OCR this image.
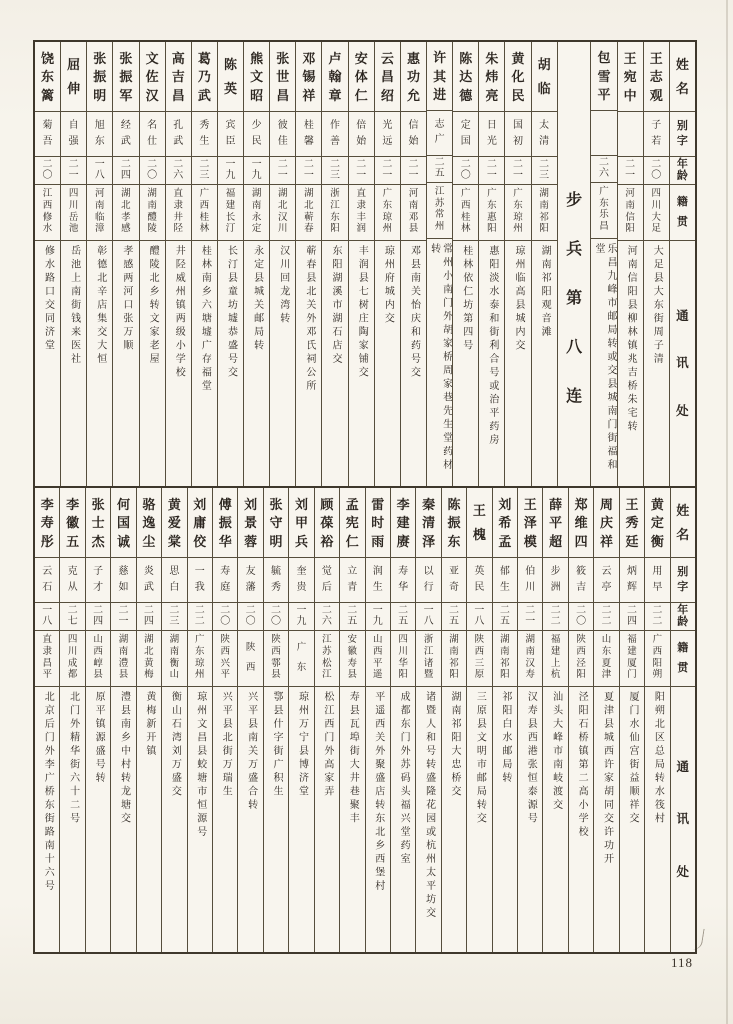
姓
名
别
字
年
龄
籍
贯
通
讯
处
王
志
观
子
若
二
〇
四
川
大
足
大足县大东街周子清
王
宛
中
二
一
河
南
信
阳
河南信阳县柳林镇兆吉桥朱宅转
包
雪
平
二
六
广
东
乐
昌
乐昌九峰市邮局转或交县城南门街福和堂
步
兵
第
八
连
胡
临
太
清
二
三
湖
南
祁
阳
湖南祁阳观音滩
黄
化
民
国
初
二
一
广
东
琼
州
琼州临高县城内交
朱
炜
亮
日
光
二
一
广
东
惠
阳
惠阳淡水泰和街利合号或治平药房
陈
达
德
定
国
二
〇
广
西
桂
林
桂林依仁坊第四号
许
其
进
志
广
二
五
江
苏
常
州
常州小南门外胡家桥周家巷先生堂药材转
惠
功
允
信
始
二
一
河
南
邓
县
邓县南关怡庆和药号交
云
昌
绍
光
远
二
一
广
东
琼
州
琼州府城内交
安
体
仁
倍
始
二
一
直
隶
丰
润
丰润县七树庄陶家铺交
卢
翰
章
作
善
二
三
浙
江
东
阳
东阳湖溪市湖石店交
邓
锡
祥
桂
馨
二
一
湖
北
蕲
春
蕲春县北关外邓氏祠公所
张
世
昌
彼
佳
二
一
湖
北
汉
川
汉川回龙湾转
熊
文
昭
少
民
一
九
湖
南
永
定
永定县城关邮局转
陈
英
宾
臣
一
九
福
建
长
汀
长汀县童坊墟恭盛号交
葛
乃
武
秀
生
二
三
广
西
桂
林
桂林南乡六塘墟广存福堂
高
吉
昌
孔
武
二
六
直
隶
井
陉
井陉威州镇两级小学校
文
佐
汉
名
仕
二
〇
湖
南
醴
陵
醴陵北乡转文家老屋
张
振
军
经
武
二
四
湖
北
孝
感
孝感两河口张万顺
张
振
明
旭
东
一
八
河
南
临
漳
彰德北辛店集交大恒
屈
伸
自
强
二
一
四
川
岳
池
岳池上南街钱来医社
饶
东
篱
菊
吾
二
〇
江
西
修
水
修水路口交同济堂
姓
名
别
字
年
龄
籍
贯
通
讯
处
黄
定
衡
用
早
二
二
广
西
阳
朔
阳朔北区总局转水筏村
王
秀
廷
炳
辉
二
四
福
建
厦
门
厦门水仙宫街益顺祥交
周
庆
祥
云
亭
二
二
山
东
夏
津
夏津县城西许家胡同交许功开
郑
维
四
筱
吉
二
〇
陕
西
泾
阳
泾阳石桥镇第二高小学校
薛
平
超
步
洲
二
二
福
建
上
杭
汕头大峰市南岐渡交
王
泽
模
伯
川
二
一
湖
南
汉
寿
汉寿县西港张恒泰源号
刘
希
孟
郁
生
二
五
湖
南
祁
阳
祁阳白水邮局转
王
槐
英
民
一
八
陕
西
三
原
三原县文明市邮局转交
陈
振
东
亚
奇
二
五
湖
南
祁
阳
湖南祁阳大忠桥交
秦
清
泽
以
行
一
八
浙
江
诸
暨
诸暨人和号转盛隆花园或杭州太平坊交
李
建
赓
寿
华
二
五
四
川
华
阳
成都东门外苏码头福兴堂药室
雷
时
雨
润
生
一
九
山
西
平
遥
平遥西关外聚盛店转东北乡西堡村
孟
宪
仁
立
青
二
五
安
徽
寿
县
寿县瓦埠街大井巷聚丰
顾
葆
裕
觉
后
二
六
江
苏
松
江
松江西门外高家弄
刘
甲
兵
奎
贵
一
九
广
东
琼州万宁县博济堂
张
守
明
毓
秀
二
〇
陕
西
鄠
县
鄠县什字街广积生
刘
景
蓉
友
藩
二
〇
陕
西
兴平县南关万盛合转
傅
振
华
寿
庭
二
〇
陕
西
兴
平
兴平县北街万瑞生
刘
庸
佼
一
我
二
二
广
东
琼
州
琼州文昌县蛟塘市恒源号
黄
爱
棠
思
白
二
三
湖
南
衡
山
衡山石湾刘万盛交
骆
逸
尘
炎
武
二
四
湖
北
黄
梅
黄梅新开镇
何
国
诚
慈
如
二
一
湖
南
澧
县
澧县南乡中村转龙塘交
张
士
杰
子
才
二
四
山
西
崞
县
原平镇源盛号转
李
徽
五
克
从
二
七
四
川
成
都
北门外精华街六十二号
李
寿
彤
云
石
一
八
直
隶
昌
平
北京后门外李广桥东街路南十六号
118
